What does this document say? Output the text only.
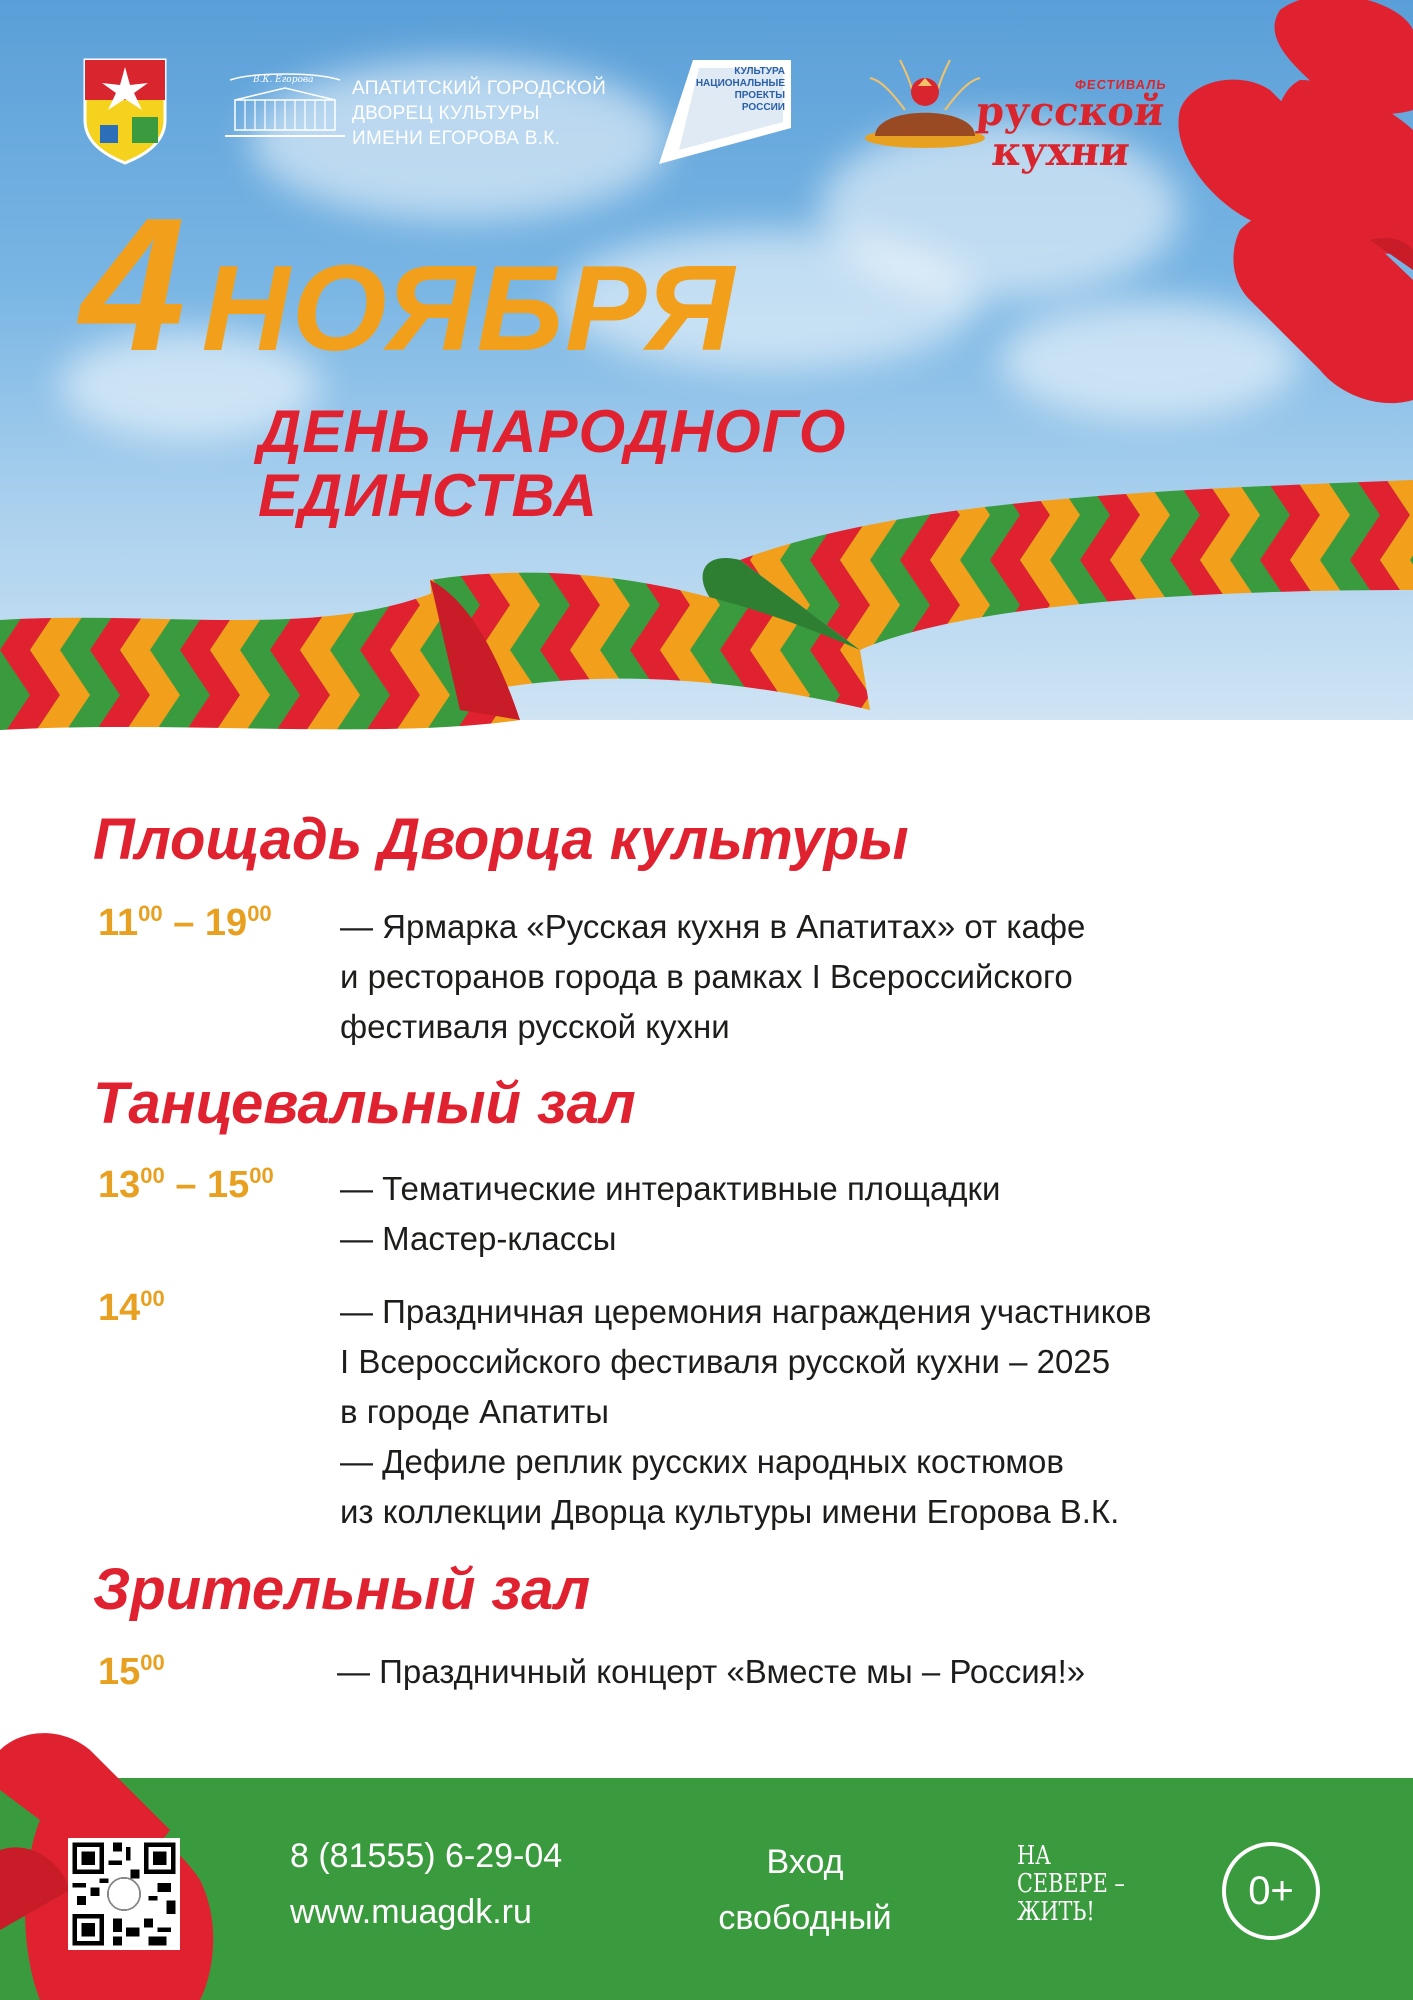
В.К. Егорова АПАТИТСКИЙ ГОРОДСКОЙ
ДВОРЕЦ КУЛЬТУРЫ
ИМЕНИ ЕГОРОВА В.К.
КУЛЬТУРА
НАЦИОНАЛЬНЫЕ
ПРОЕКТЫ
РОССИИ
ФЕСТИВАЛЬ
русской
кухни
4 НОЯБРЯ
ДЕНЬ НАРОДНОГО
ЕДИНСТВА
Площадь Дворца культуры
$11^{00} - 19^{00}$ — Ярмарка «Русская кухня в Апатитах» от кафе
и ресторанов города в рамках I Всероссийского
фестиваля русской кухни
Танцевальный зал
$13^{00} - 15^{00}$ — Тематические интерактивные площадки
— Мастер-классы
$14^{00}$	— Праздничная церемония награждения участников
I Всероссийского фестиваля русской кухни – 2025
в городе Апатиты
— Дефиле реплик русских народных костюмов
из коллекции Дворца культуры имени Егорова В.К.
Зрительный зал
$15^{00}$	— Праздничный концерт «Вместе мы – Россия!»
8 (81555) 6-29-04
www.muagdk.ru
Вход
свободный
НА
СЕВЕРЕ –
ЖИТЬ!	0+
